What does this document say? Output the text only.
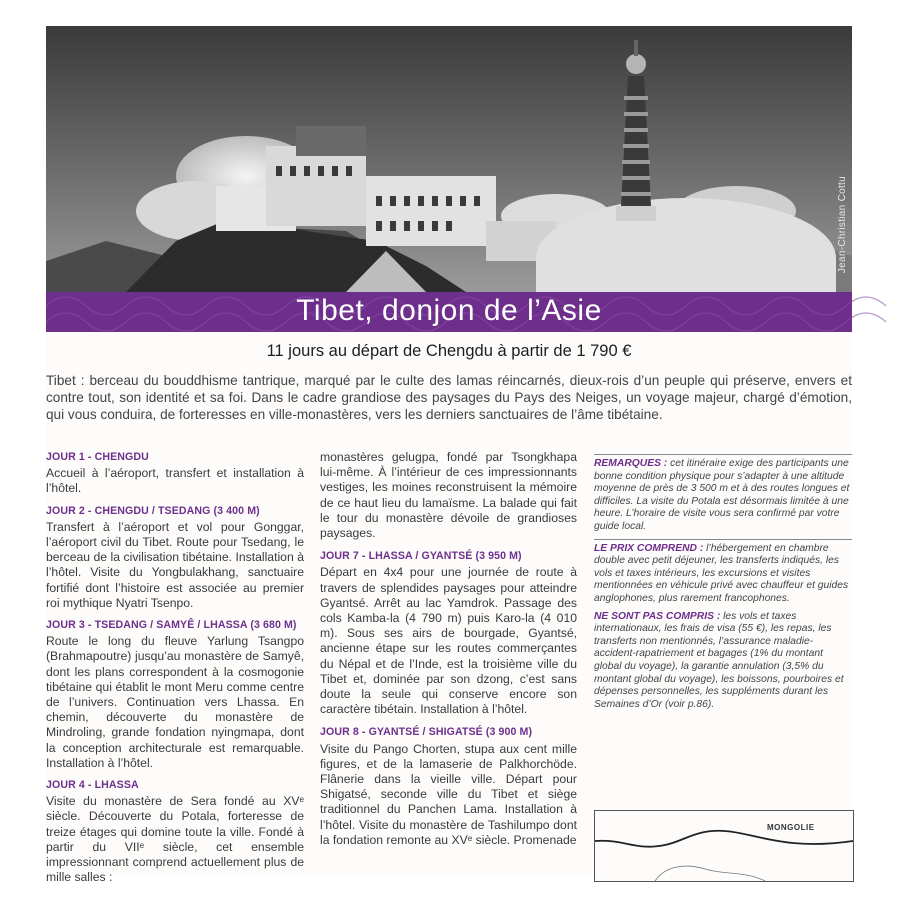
Jean-Christian Cottu
Tibet, donjon de l’Asie
11 jours au départ de Chengdu à partir de 1 790 €
Tibet : berceau du bouddhisme tantrique, marqué par le culte des lamas réincarnés, dieux-rois d’un peuple qui préserve, envers et contre tout, son identité et sa foi. Dans le cadre grandiose des paysages du Pays des Neiges, un voyage majeur, chargé d’émotion, qui vous conduira, de forteresses en ville-monastères, vers les derniers sanctuaires de l’âme tibétaine.
JOUR 1 - CHENGDU

Accueil à l’aéroport, transfert et installation à l’hôtel.

JOUR 2 - CHENGDU / TSEDANG (3 400 M)

Transfert à l’aéroport et vol pour Gonggar, l’aéroport civil du Tibet. Route pour Tsedang, le berceau de la civilisation tibétaine. Installation à l’hôtel. Visite du Yongbulakhang, sanctuaire fortifié dont l’histoire est associée au premier roi mythique Nyatri Tsenpo.

JOUR 3 - TSEDANG / SAMYÊ / LHASSA (3 680 M)

Route le long du fleuve Yarlung Tsangpo (Brahmapoutre) jusqu’au monastère de Samyê, dont les plans correspondent à la cosmogonie tibétaine qui établit le mont Meru comme centre de l’univers. Continuation vers Lhassa. En chemin, découverte du monastère de Mindroling, grande fondation nyingmapa, dont la conception architecturale est remarquable. Installation à l’hôtel.

JOUR 4 - LHASSA

Visite du monastère de Sera fondé au XVᵉ siècle. Découverte du Potala, forteresse de treize étages qui domine toute la ville. Fondé à partir du VIIᵉ siècle, cet ensemble impressionnant comprend actuellement plus de mille salles :

monastères gelugpa, fondé par Tsongkhapa lui-même. À l’intérieur de ces impressionnants vestiges, les moines reconstruisent la mémoire de ce haut lieu du lamaïsme. La balade qui fait le tour du monastère dévoile de grandioses paysages.

JOUR 7 - LHASSA / GYANTSÉ (3 950 M)

Départ en 4x4 pour une journée de route à travers de splendides paysages pour atteindre Gyantsé. Arrêt au lac Yamdrok. Passage des cols Kamba-la (4 790 m) puis Karo-la (4 010 m). Sous ses airs de bourgade, Gyantsé, ancienne étape sur les routes commerçantes du Népal et de l’Inde, est la troisième ville du Tibet et, dominée par son dzong, c’est sans doute la seule qui conserve encore son caractère tibétain. Installation à l’hôtel.

JOUR 8 - GYANTSÉ / SHIGATSÉ (3 900 M)

Visite du Pango Chorten, stupa aux cent mille figures, et de la lamaserie de Palkhorchöde. Flânerie dans la vieille ville. Départ pour Shigatsé, seconde ville du Tibet et siège traditionnel du Panchen Lama. Installation à l’hôtel. Visite du monastère de Tashilumpo dont la fondation remonte au XVᵉ siècle. Promenade

REMARQUES : cet itinéraire exige des participants une bonne condition physique pour s’adapter à une altitude moyenne de près de 3 500 m et à des routes longues et difficiles. La visite du Potala est désormais limitée à une heure. L’horaire de visite vous sera confirmé par votre guide local.
LE PRIX COMPREND : l’hébergement en chambre double avec petit déjeuner, les transferts indiqués, les vols et taxes intérieurs, les excursions et visites mentionnées en véhicule privé avec chauffeur et guides anglophones, plus rarement francophones.
NE SONT PAS COMPRIS : les vols et taxes internationaux, les frais de visa (55 €), les repas, les transferts non mentionnés, l’assurance maladie-accident-rapatriement et bagages (1% du montant global du voyage), la garantie annulation (3,5% du montant global du voyage), les boissons, pourboires et dépenses personnelles, les suppléments durant les Semaines d’Or (voir p.86).
MONGOLIE
